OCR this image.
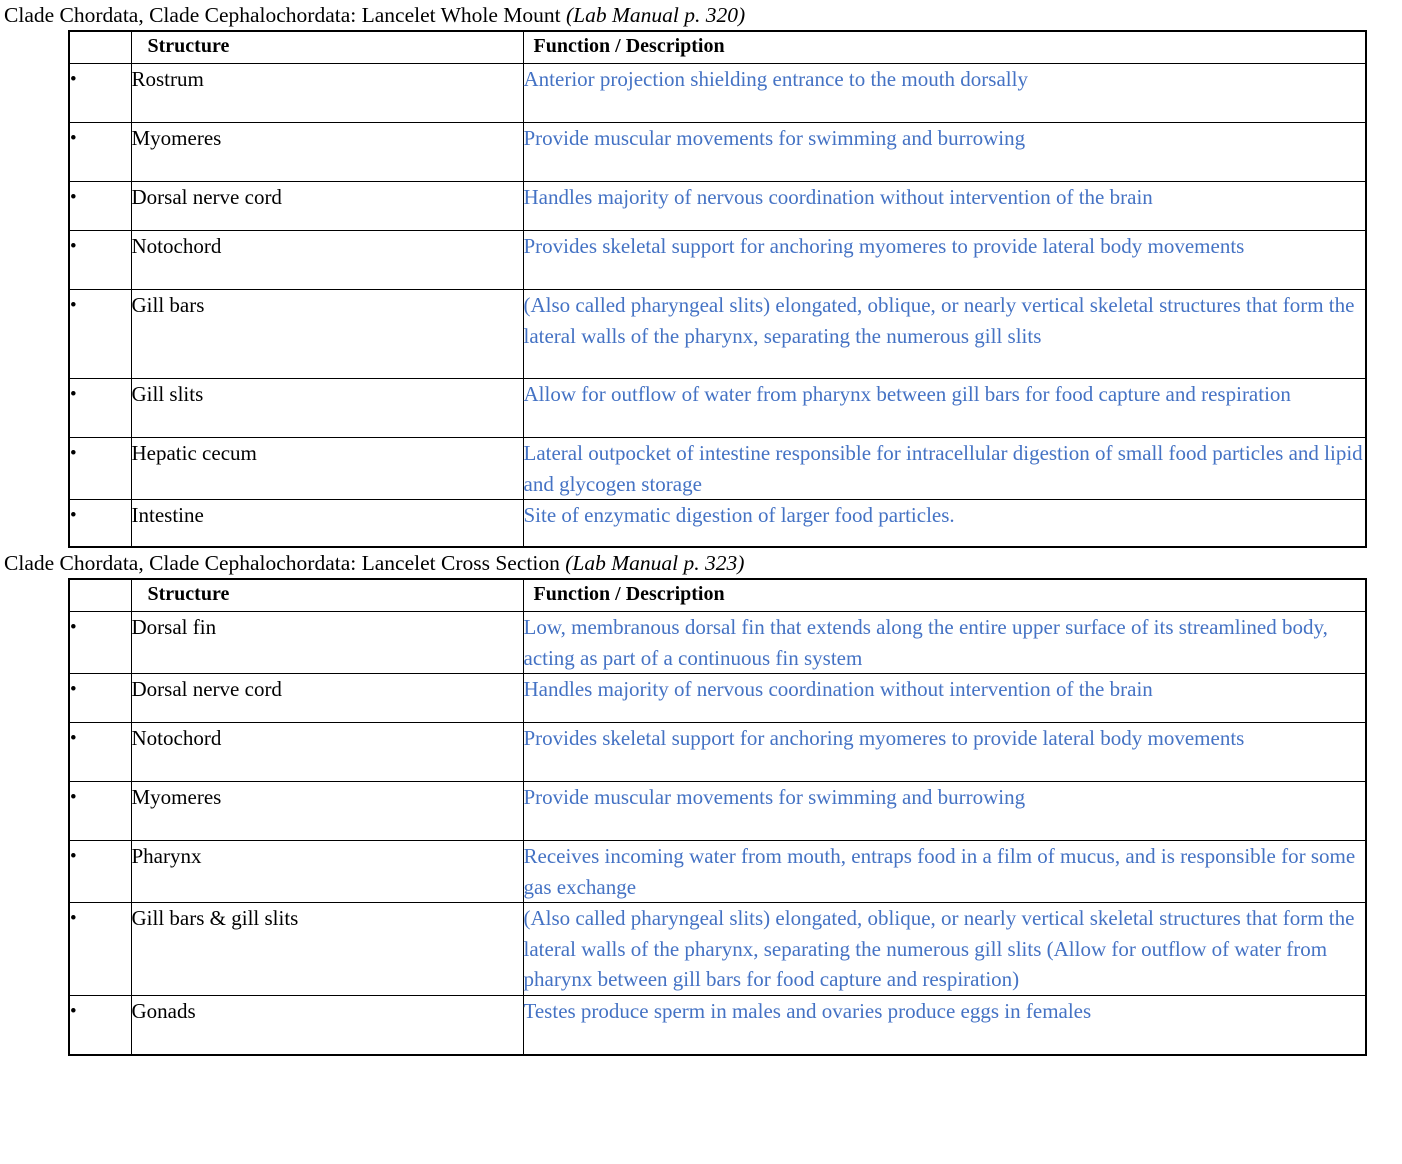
Clade Chordata, Clade Cephalochordata: Lancelet Whole Mount (Lab Manual p. 320)
	Structure	Function / Description
•	Rostrum	Anterior projection shielding entrance to the mouth dorsally
•	Myomeres	Provide muscular movements for swimming and burrowing
•	Dorsal nerve cord	Handles majority of nervous coordination without intervention of the brain
•	Notochord	Provides skeletal support for anchoring myomeres to provide lateral body movements
•	Gill bars	(Also called pharyngeal slits) elongated, oblique, or nearly vertical skeletal structures that form the lateral walls of the pharynx, separating the numerous gill slits
•	Gill slits	Allow for outflow of water from pharynx between gill bars for food capture and respiration
•	Hepatic cecum	Lateral outpocket of intestine responsible for intracellular digestion of small food particles and lipid and glycogen storage
•	Intestine	Site of enzymatic digestion of larger food particles.
Clade Chordata, Clade Cephalochordata: Lancelet Cross Section (Lab Manual p. 323)
	Structure	Function / Description
•	Dorsal fin	Low, membranous dorsal fin that extends along the entire upper surface of its streamlined body, acting as part of a continuous fin system
•	Dorsal nerve cord	Handles majority of nervous coordination without intervention of the brain
•	Notochord	Provides skeletal support for anchoring myomeres to provide lateral body movements
•	Myomeres	Provide muscular movements for swimming and burrowing
•	Pharynx	Receives incoming water from mouth, entraps food in a film of mucus, and is responsible for some gas exchange
•	Gill bars & gill slits	(Also called pharyngeal slits) elongated, oblique, or nearly vertical skeletal structures that form the lateral walls of the pharynx, separating the numerous gill slits (Allow for outflow of water from pharynx between gill bars for food capture and respiration)
•	Gonads	Testes produce sperm in males and ovaries produce eggs in females
